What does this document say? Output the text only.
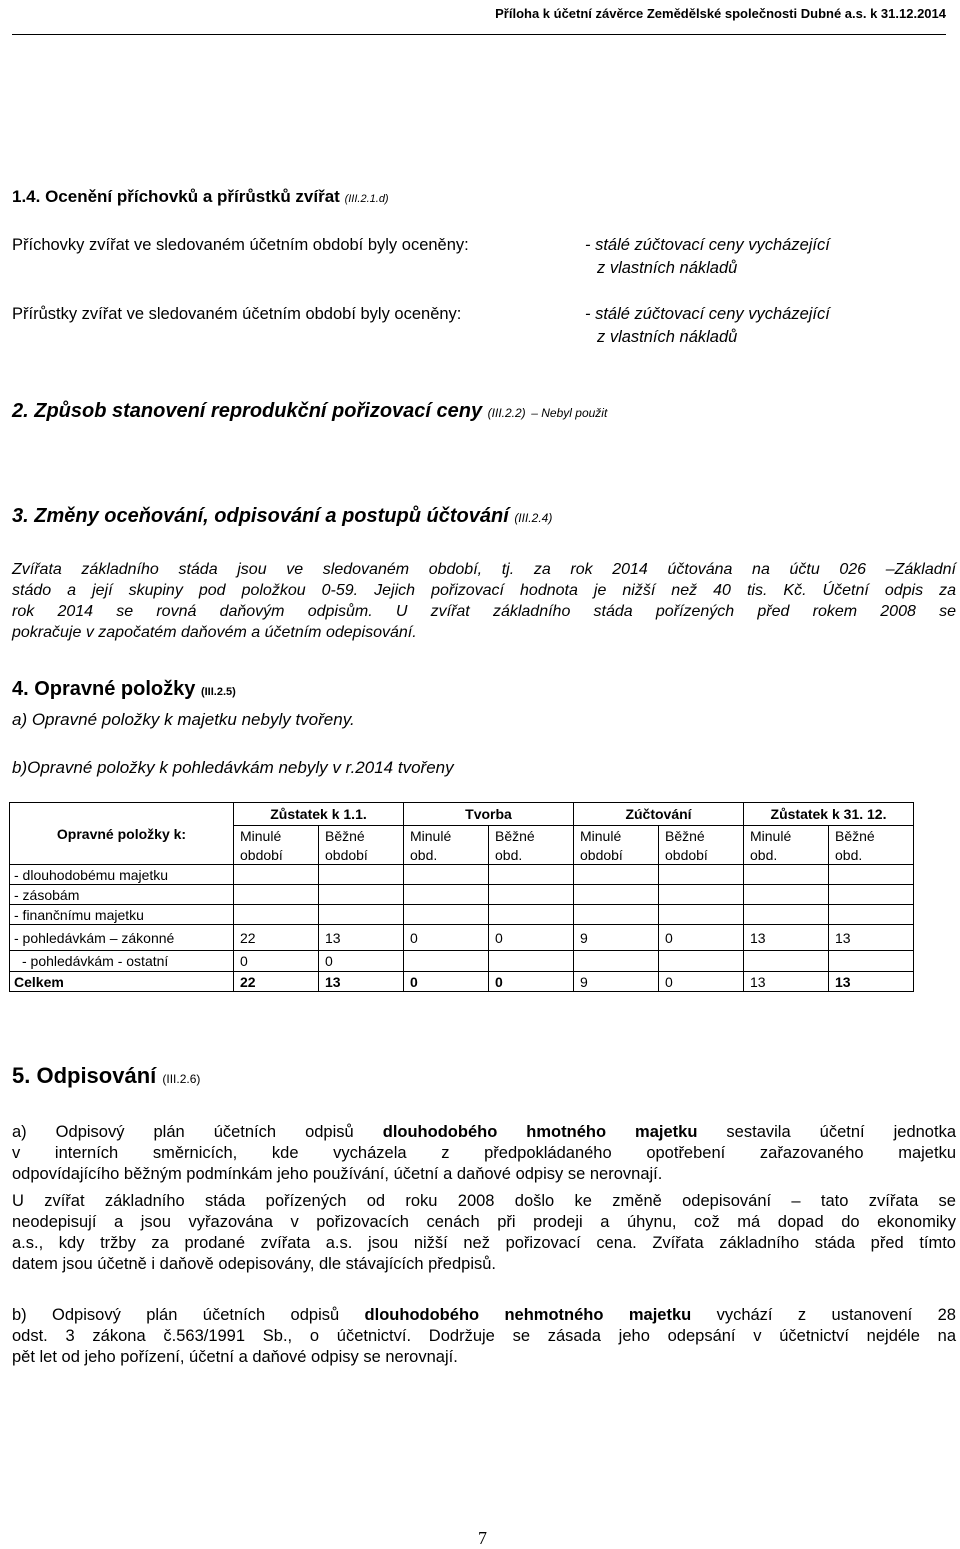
Příloha k účetní závěrce Zemědělské společnosti Dubné a.s. k 31.12.2014
1.4. Ocenění příchovků a přírůstků zvířat (III.2.1.d)
Příchovky zvířat ve sledovaném účetním období byly oceněny:	- stálé zúčtovací ceny vycházející
z vlastních nákladů
Přírůstky zvířat ve sledovaném účetním období byly oceněny:	- stálé zúčtovací ceny vycházející
z vlastních nákladů
2. Způsob stanovení reprodukční pořizovací ceny (III.2.2) – Nebyl použit
3. Změny oceňování, odpisování a postupů účtování (III.2.4)
Zvířata základního stáda jsou ve sledovaném období, tj. za rok 2014 účtována na účtu 026 –Základní
stádo a její skupiny pod položkou 0-59. Jejich pořizovací hodnota je nižší než 40 tis. Kč. Účetní odpis za
rok 2014 se rovná daňovým odpisům. U zvířat základního stáda pořízených před rokem 2008 se
pokračuje v započatém daňovém a účetním odepisování.
4. Opravné položky (III.2.5)
a) Opravné položky k majetku nebyly tvořeny.
b)Opravné položky k pohledávkám nebyly v r.2014 tvořeny
Opravné položky k:	Zůstatek k 1.1.		Tvorba		Zúčtování		Zůstatek k 31. 12.	
	Minulé	Běžné	Minulé	Běžné	Minulé	Běžné	Minulé	Běžné
	období	období	obd.	obd.	období	období	obd.	obd.
- dlouhodobému majetku								
- zásobám								
- finančnímu majetku								
- pohledávkám – zákonné	22	13	0	0	9	0	13	13
- pohledávkám - ostatní	0	0						
Celkem	22	13	0	0	9	0	13	13
5. Odpisování (III.2.6)
a) Odpisový plán účetních odpisů dlouhodobého hmotného majetku sestavila účetní jednotka
v interních směrnicích, kde vycházela z předpokládaného opotřebení zařazovaného majetku
odpovídajícího běžným podmínkám jeho používání, účetní a daňové odpisy se nerovnají.
U zvířat základního stáda pořízených od roku 2008 došlo ke změně odepisování – tato zvířata se
neodepisují a jsou vyřazována v pořizovacích cenách při prodeji a úhynu, což má dopad do ekonomiky
a.s., kdy tržby za prodané zvířata a.s. jsou nižší než pořizovací cena. Zvířata základního stáda před tímto
datem jsou účetně i daňově odepisovány, dle stávajících předpisů.
b) Odpisový plán účetních odpisů dlouhodobého nehmotného majetku vychází z ustanovení 28
odst. 3 zákona č.563/1991 Sb., o účetnictví. Dodržuje se zásada jeho odepsání v účetnictví nejdéle na
pět let od jeho pořízení, účetní a daňové odpisy se nerovnají.
7
